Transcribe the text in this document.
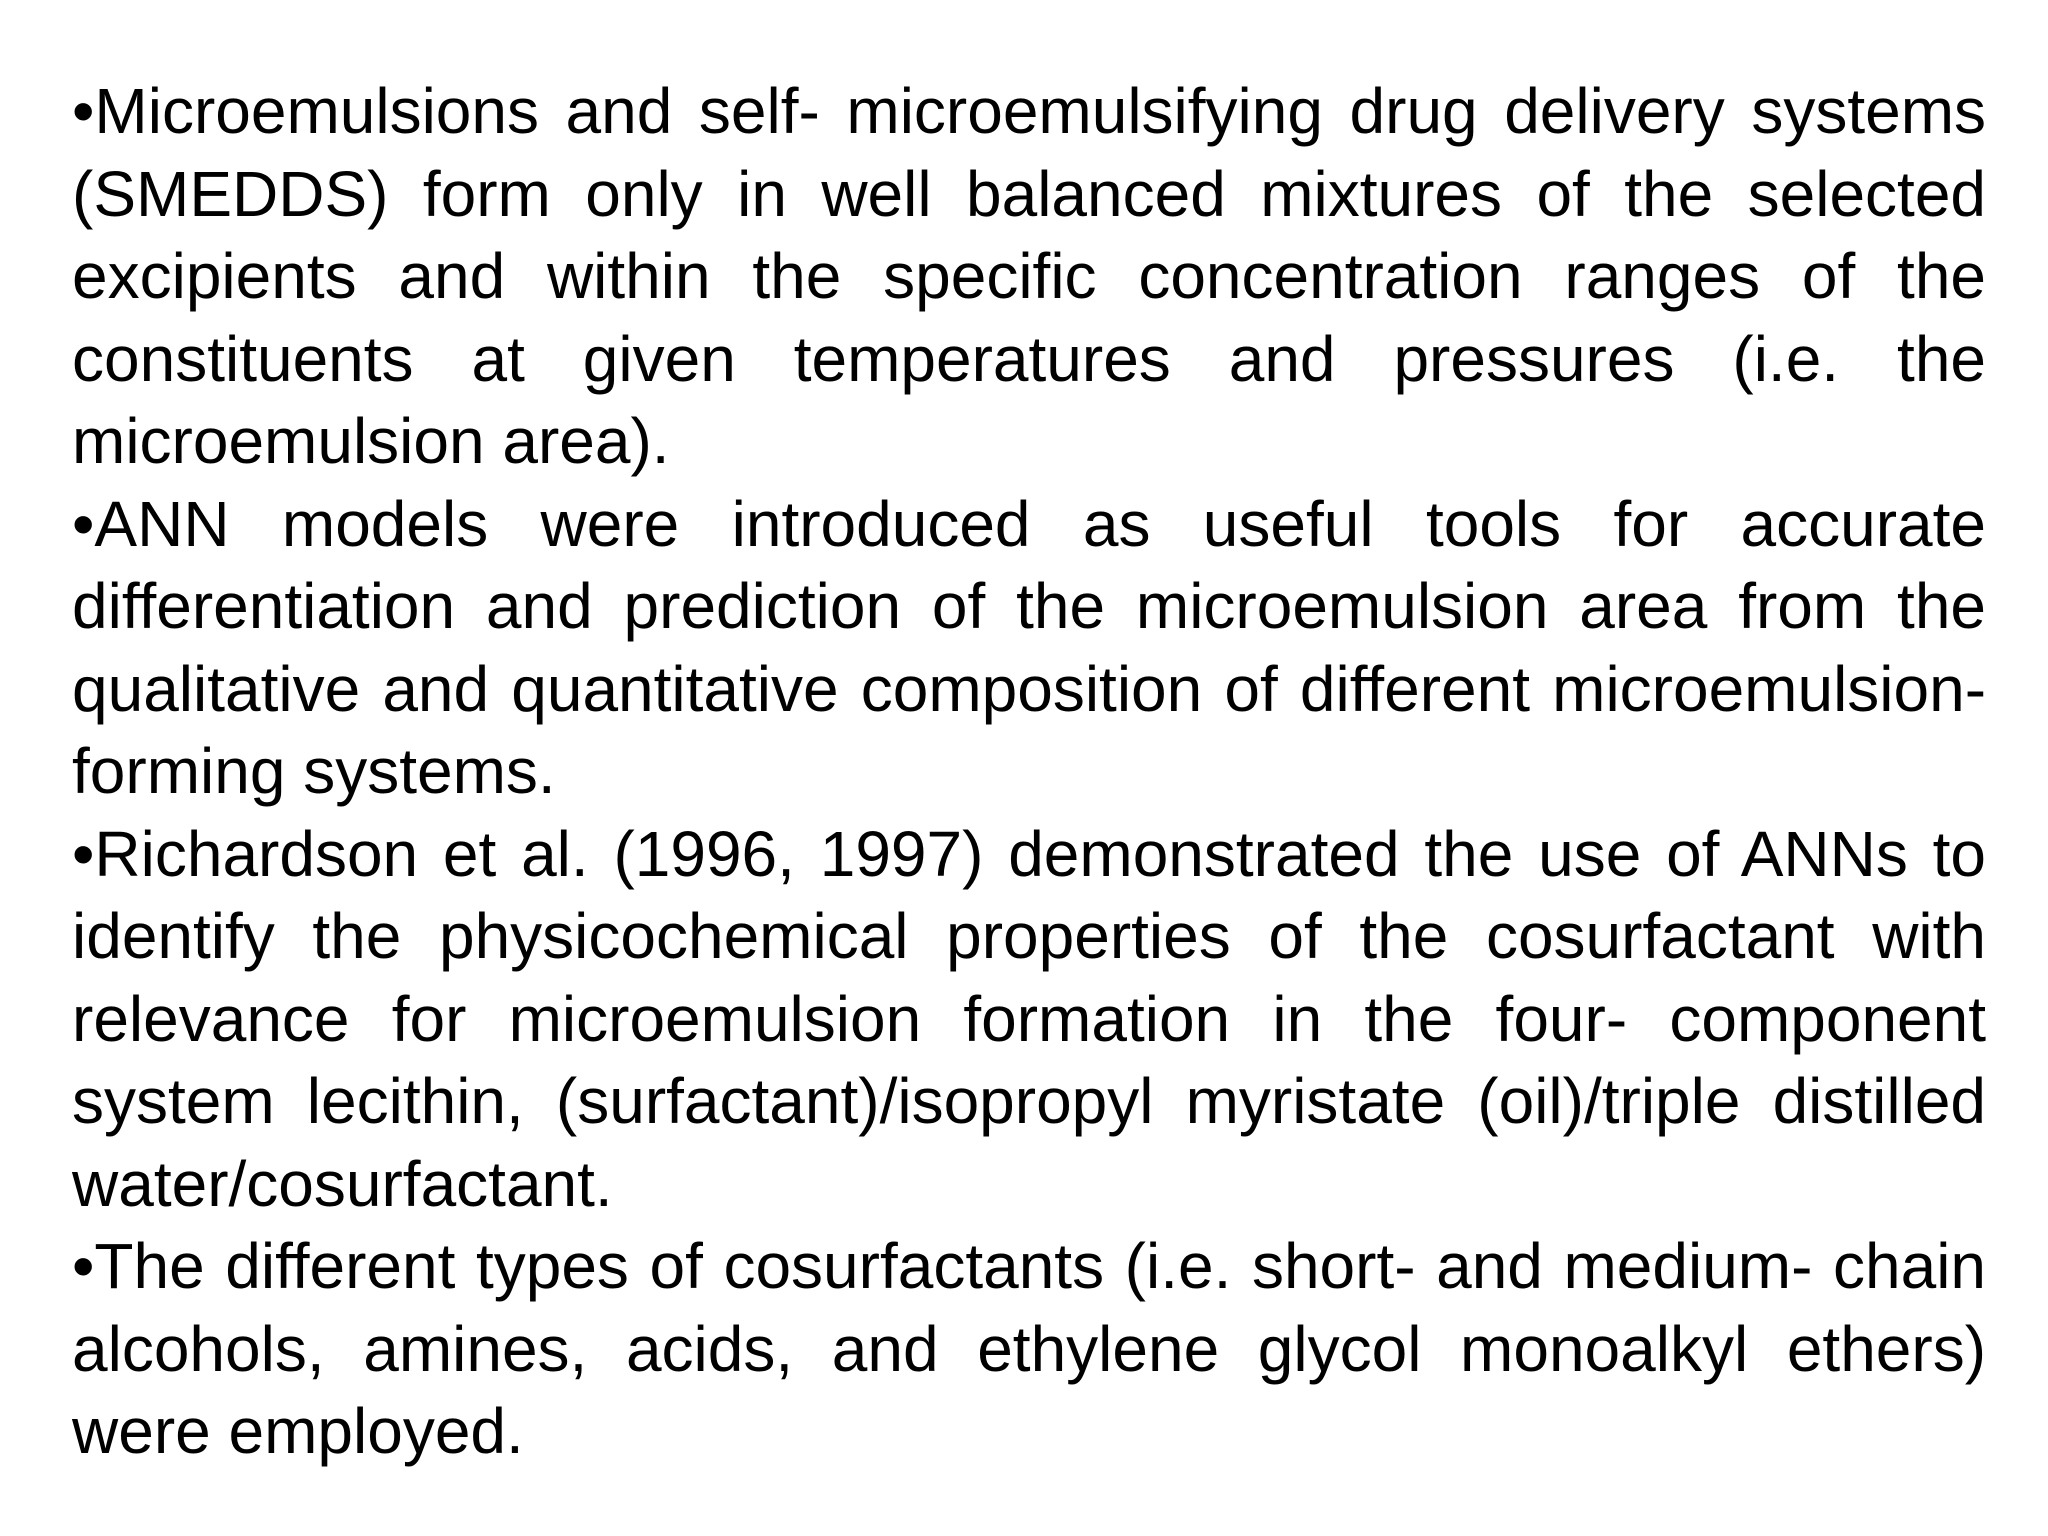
•Microemulsions and self- microemulsifying drug delivery systems (SMEDDS) form only in well balanced mixtures of the selected excipients and within the specific concentration ranges of the constituents at given temperatures and pressures (i.e. the microemulsion area).

•ANN models were introduced as useful tools for accurate differentiation and prediction of the microemulsion area from the qualitative and quantitative composition of different microemulsion-forming systems.

•Richardson et al. (1996, 1997) demonstrated the use of ANNs to identify the physicochemical properties of the cosurfactant with relevance for microemulsion formation in the four- component system lecithin, (surfactant)/isopropyl myristate (oil)/triple distilled water/cosurfactant.

•The different types of cosurfactants (i.e. short- and medium- chain alcohols, amines, acids, and ethylene glycol monoalkyl ethers) were employed.
